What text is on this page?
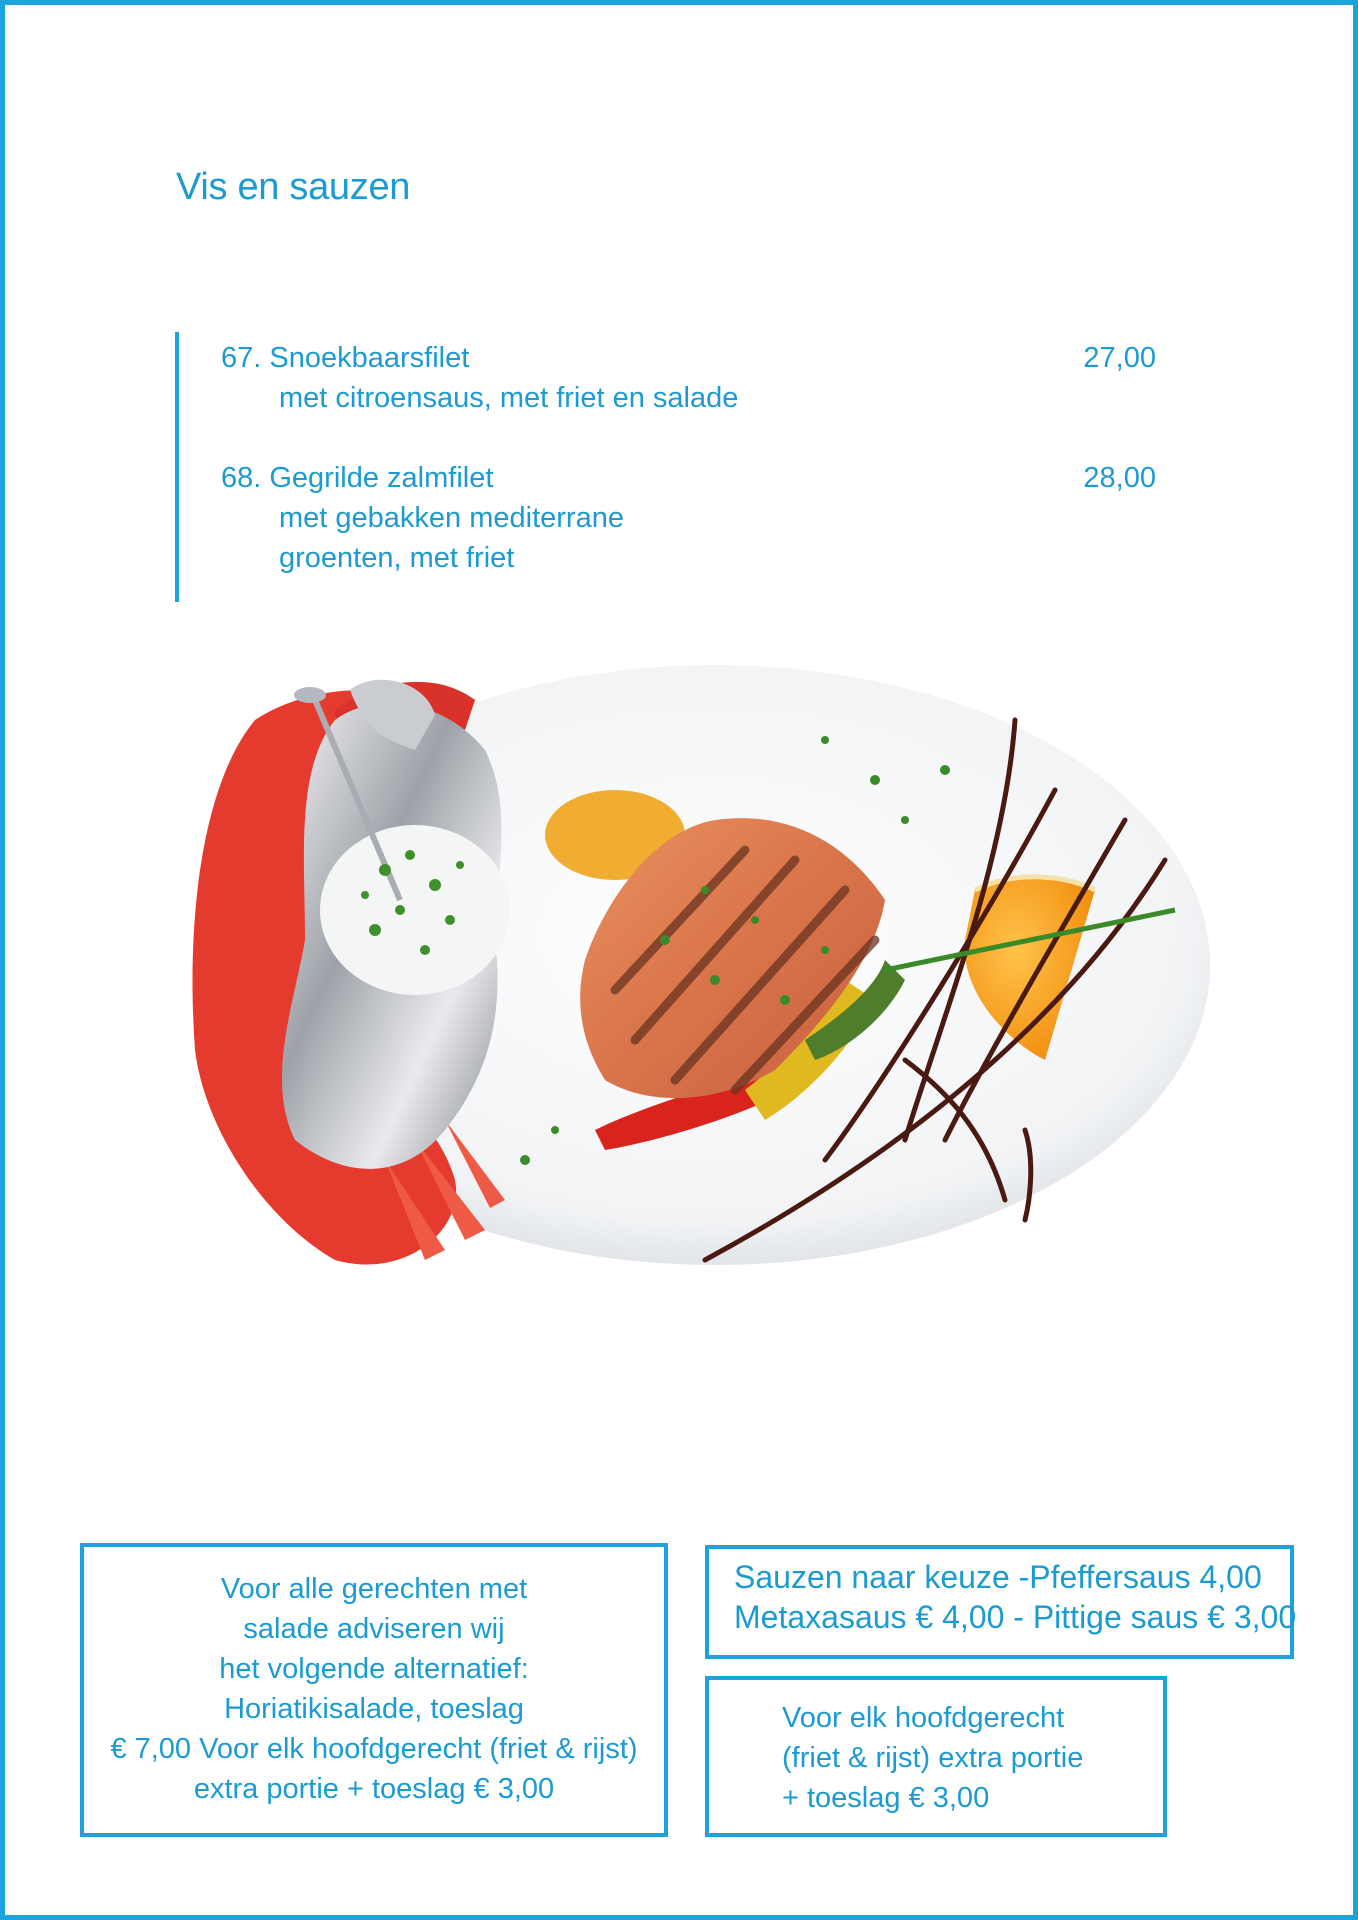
Vis en sauzen
67. Snoekbaarsfilet	27,00
met citroensaus, met friet en salade
68. Gegrilde zalmfilet	28,00
met gebakken mediterrane
groenten, met friet
Voor alle gerechten met
salade adviseren wij
het volgende alternatief:
Horiatikisalade, toeslag
€ 7,00 Voor elk hoofdgerecht (friet & rijst)
extra portie + toeslag € 3,00
Sauzen naar keuze -Pfeffersaus 4,00
Metaxasaus € 4,00 - Pittige saus € 3,00
Voor elk hoofdgerecht
(friet & rijst) extra portie
+ toeslag € 3,00
